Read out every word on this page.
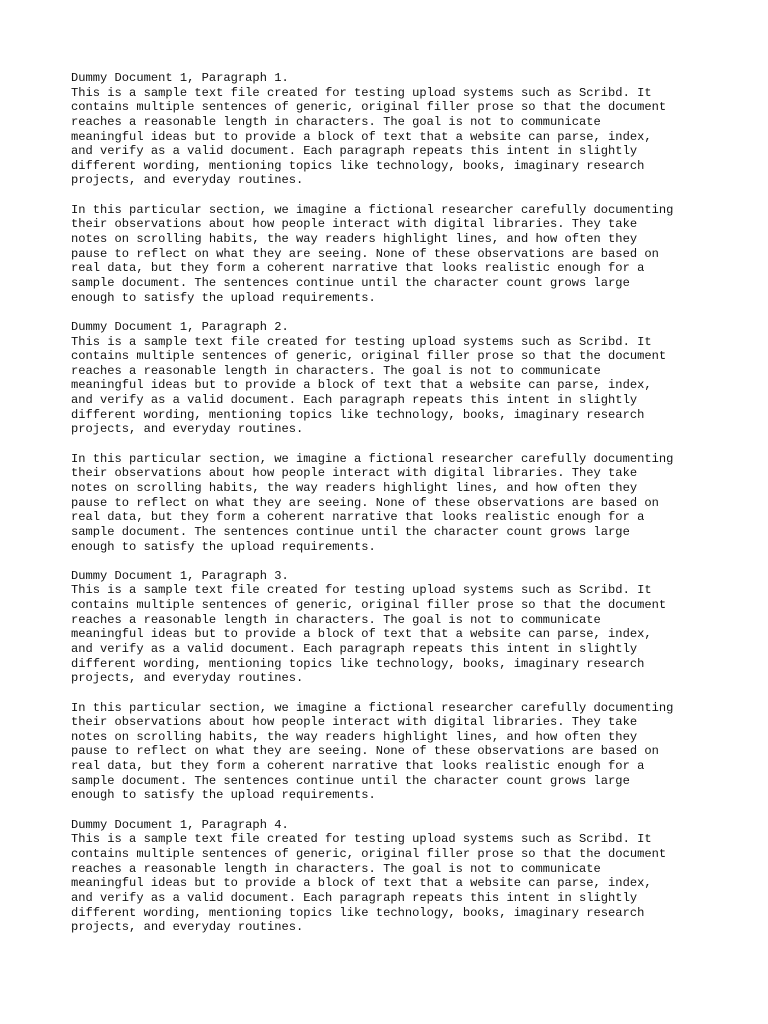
Dummy Document 1, Paragraph 1.
This is a sample text file created for testing upload systems such as Scribd. It
contains multiple sentences of generic, original filler prose so that the document
reaches a reasonable length in characters. The goal is not to communicate
meaningful ideas but to provide a block of text that a website can parse, index,
and verify as a valid document. Each paragraph repeats this intent in slightly
different wording, mentioning topics like technology, books, imaginary research
projects, and everyday routines.
In this particular section, we imagine a fictional researcher carefully documenting
their observations about how people interact with digital libraries. They take
notes on scrolling habits, the way readers highlight lines, and how often they
pause to reflect on what they are seeing. None of these observations are based on
real data, but they form a coherent narrative that looks realistic enough for a
sample document. The sentences continue until the character count grows large
enough to satisfy the upload requirements.
Dummy Document 1, Paragraph 2.
This is a sample text file created for testing upload systems such as Scribd. It
contains multiple sentences of generic, original filler prose so that the document
reaches a reasonable length in characters. The goal is not to communicate
meaningful ideas but to provide a block of text that a website can parse, index,
and verify as a valid document. Each paragraph repeats this intent in slightly
different wording, mentioning topics like technology, books, imaginary research
projects, and everyday routines.
In this particular section, we imagine a fictional researcher carefully documenting
their observations about how people interact with digital libraries. They take
notes on scrolling habits, the way readers highlight lines, and how often they
pause to reflect on what they are seeing. None of these observations are based on
real data, but they form a coherent narrative that looks realistic enough for a
sample document. The sentences continue until the character count grows large
enough to satisfy the upload requirements.
Dummy Document 1, Paragraph 3.
This is a sample text file created for testing upload systems such as Scribd. It
contains multiple sentences of generic, original filler prose so that the document
reaches a reasonable length in characters. The goal is not to communicate
meaningful ideas but to provide a block of text that a website can parse, index,
and verify as a valid document. Each paragraph repeats this intent in slightly
different wording, mentioning topics like technology, books, imaginary research
projects, and everyday routines.
In this particular section, we imagine a fictional researcher carefully documenting
their observations about how people interact with digital libraries. They take
notes on scrolling habits, the way readers highlight lines, and how often they
pause to reflect on what they are seeing. None of these observations are based on
real data, but they form a coherent narrative that looks realistic enough for a
sample document. The sentences continue until the character count grows large
enough to satisfy the upload requirements.
Dummy Document 1, Paragraph 4.
This is a sample text file created for testing upload systems such as Scribd. It
contains multiple sentences of generic, original filler prose so that the document
reaches a reasonable length in characters. The goal is not to communicate
meaningful ideas but to provide a block of text that a website can parse, index,
and verify as a valid document. Each paragraph repeats this intent in slightly
different wording, mentioning topics like technology, books, imaginary research
projects, and everyday routines.
